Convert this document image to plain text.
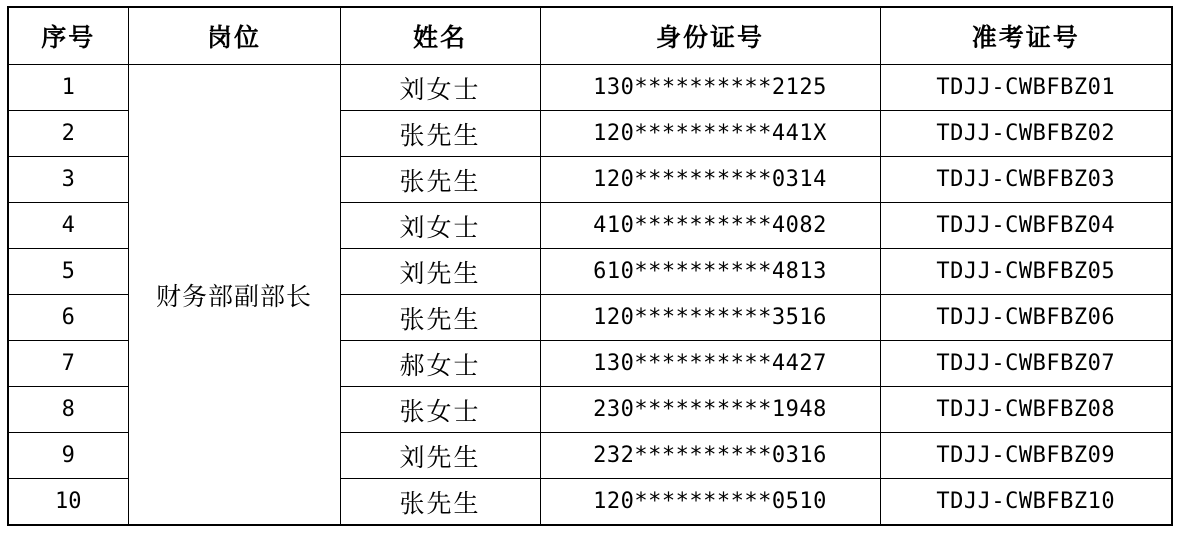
序号	岗位	姓名	身份证号	准考证号
1	财务部副部长	刘女士	130**********2125	TDJJ-CWBFBZ01
2		张先生	120**********441X	TDJJ-CWBFBZ02
3		张先生	120**********0314	TDJJ-CWBFBZ03
4		刘女士	410**********4082	TDJJ-CWBFBZ04
5		刘先生	610**********4813	TDJJ-CWBFBZ05
6		张先生	120**********3516	TDJJ-CWBFBZ06
7		郝女士	130**********4427	TDJJ-CWBFBZ07
8		张女士	230**********1948	TDJJ-CWBFBZ08
9		刘先生	232**********0316	TDJJ-CWBFBZ09
10		张先生	120**********0510	TDJJ-CWBFBZ10
